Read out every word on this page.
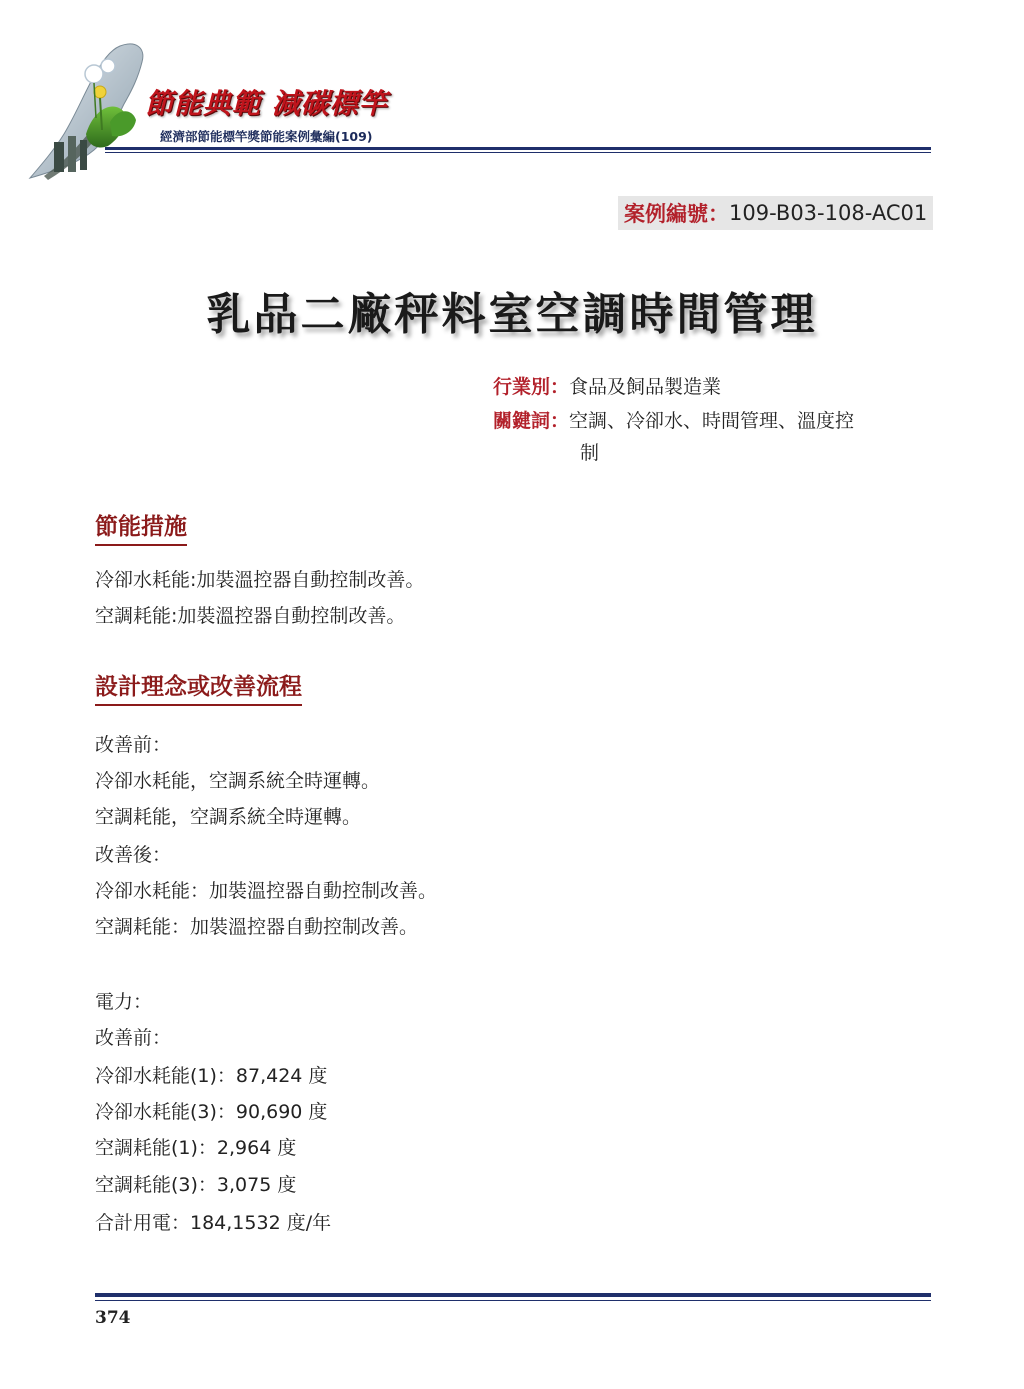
節能典範 減碳標竿
經濟部節能標竿獎節能案例彙編(109)
案例編號： 109-B03-108-AC01
乳品二廠秤料室空調時間管理
行業別：食品及飼品製造業
關鍵詞：空調、冷卻水、時間管理、溫度控
制
節能措施
冷卻水耗能:加裝溫控器自動控制改善。
空調耗能:加裝溫控器自動控制改善。
設計理念或改善流程
改善前：
冷卻水耗能，空調系統全時運轉。
空調耗能，空調系統全時運轉。
改善後：
冷卻水耗能：加裝溫控器自動控制改善。
空調耗能：加裝溫控器自動控制改善。
電力：
改善前：
冷卻水耗能(1)：87,424 度
冷卻水耗能(3)：90,690 度
空調耗能(1)：2,964 度
空調耗能(3)：3,075 度
合計用電：184,1532 度/年
374
